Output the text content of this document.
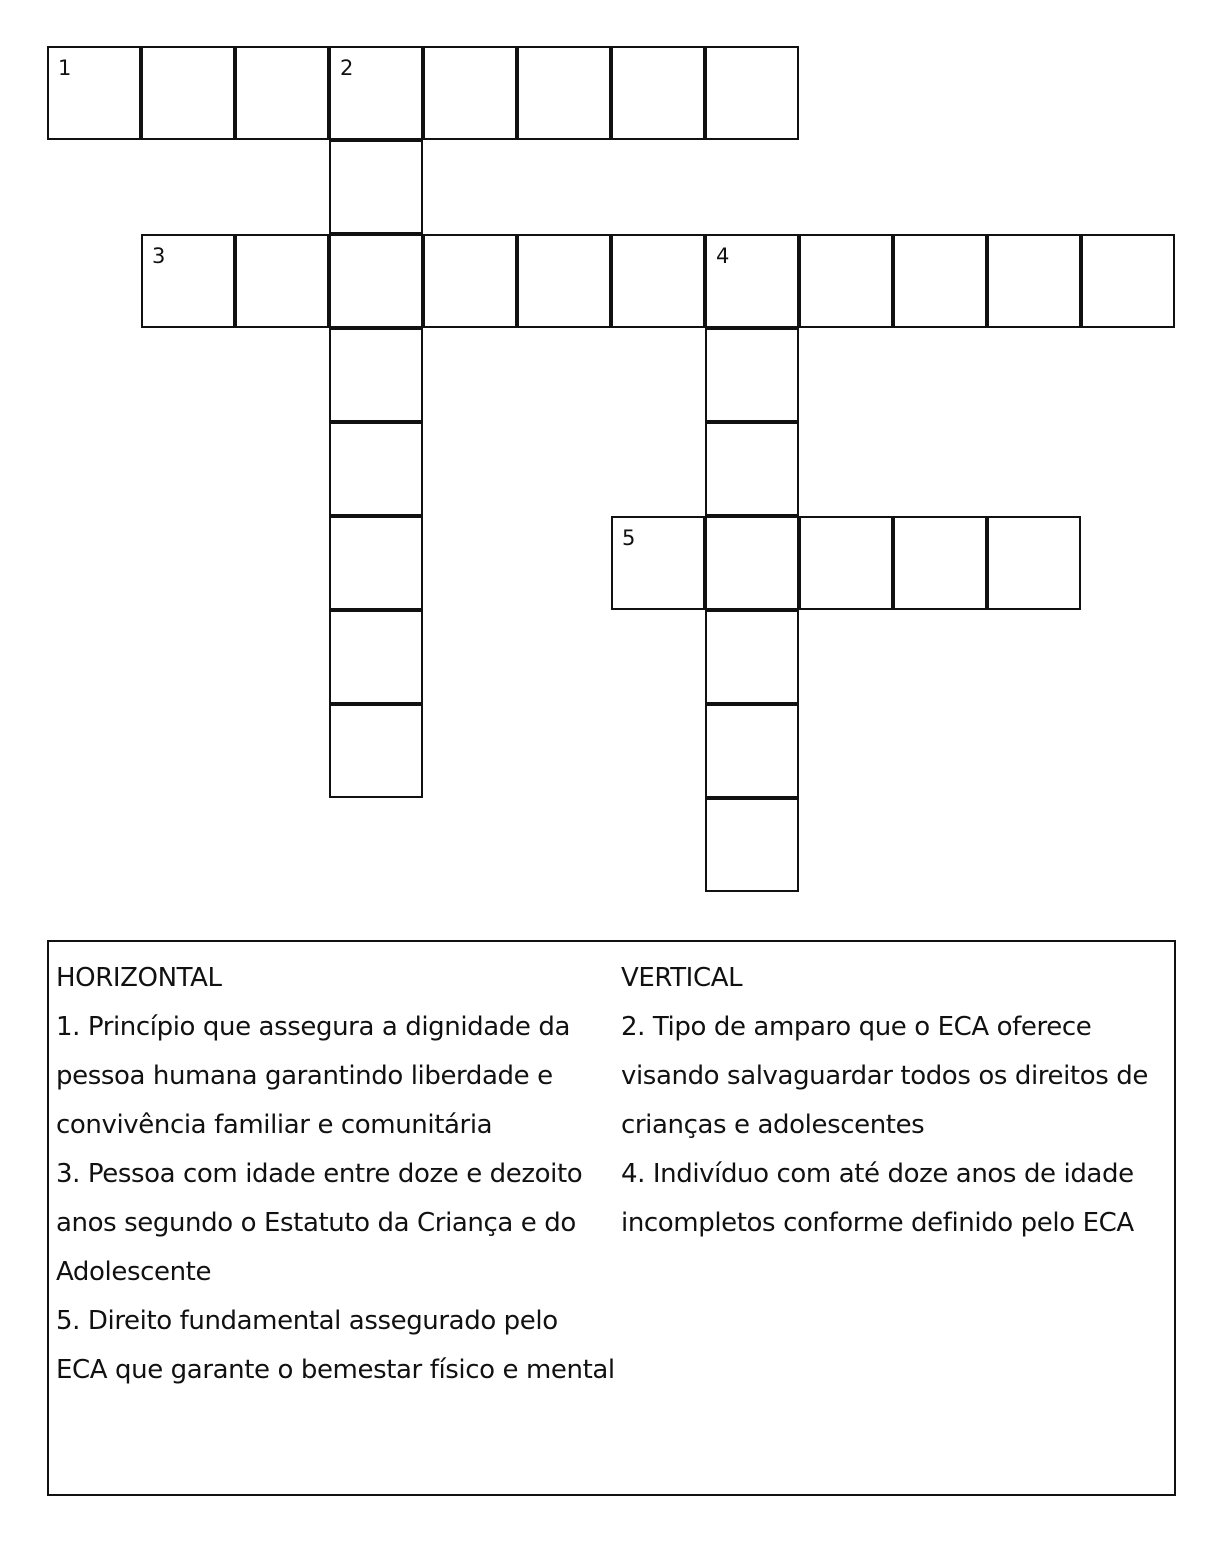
1	2
3	4
5

HORIZONTAL

1. Princípio que assegura a dignidade da pessoa humana garantindo liberdade e convivência familiar e comunitária

3. Pessoa com idade entre doze e dezoito anos segundo o Estatuto da Criança e do Adolescente

5. Direito fundamental assegurado pelo ECA que garante o bemestar físico e mental

VERTICAL

2. Tipo de amparo que o ECA oferece visando salvaguardar todos os direitos de crianças e adolescentes

4. Indivíduo com até doze anos de idade incompletos conforme definido pelo ECA
